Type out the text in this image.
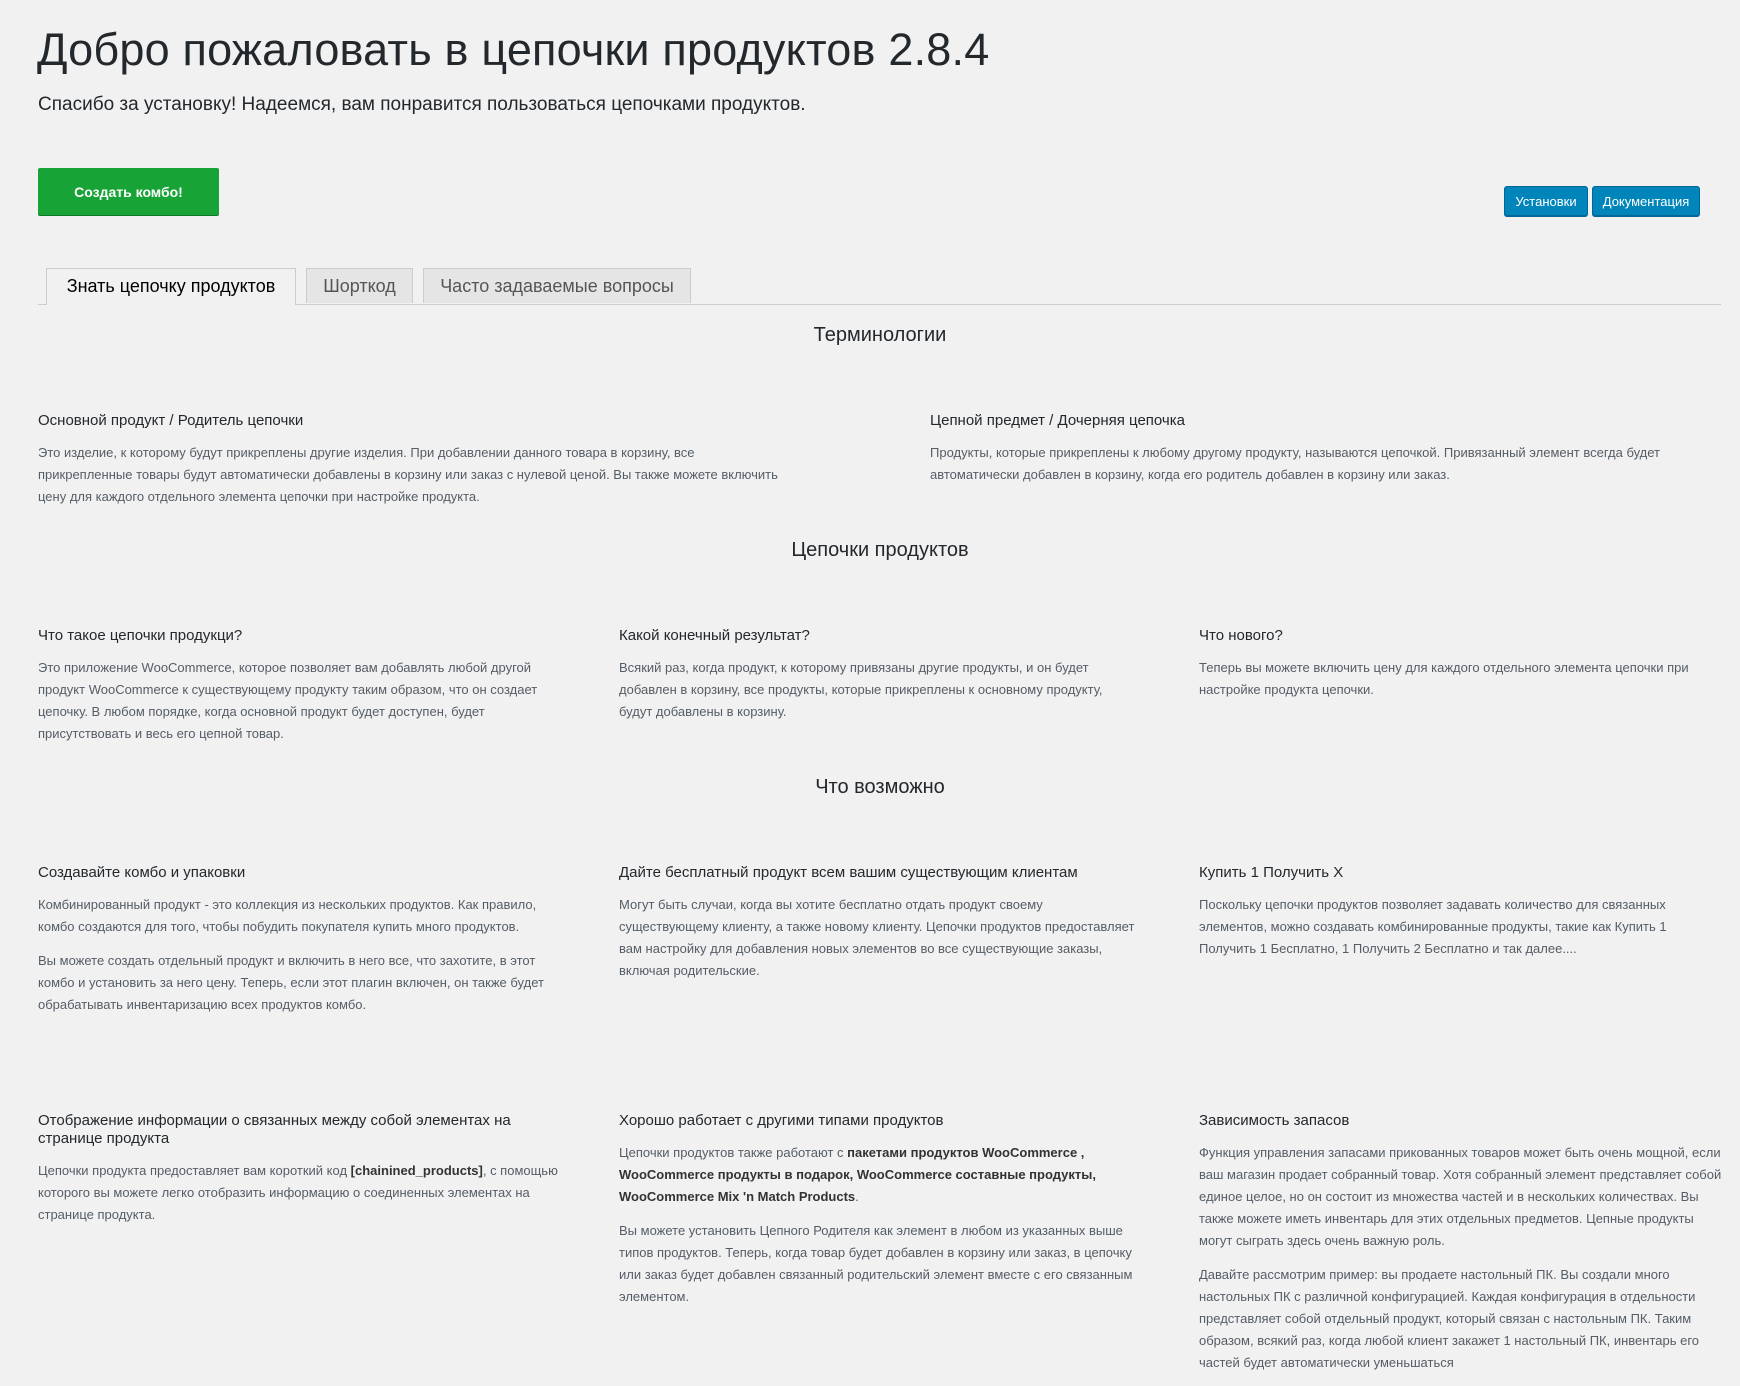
Добро пожаловать в цепочки продуктов 2.8.4

Спасибо за установку! Надеемся, вам понравится пользоваться цепочками продуктов.

Создать комбо!
Установки	Документация
Знать цепочку продуктов	Шорткод	Часто задаваемые вопросы
Терминологии
Основной продукт / Родитель цепочки

Это изделие, к которому будут прикреплены другие изделия. При добавлении данного товара в корзину, все прикрепленные товары будут автоматически добавлены в корзину или заказ с нулевой ценой. Вы также можете включить цену для каждого отдельного элемента цепочки при настройке продукта.

Цепной предмет / Дочерняя цепочка

Продукты, которые прикреплены к любому другому продукту, называются цепочкой. Привязанный элемент всегда будет автоматически добавлен в корзину, когда его родитель добавлен в корзину или заказ.

Цепочки продуктов
Что такое цепочки продукци?

Это приложение WooCommerce, которое позволяет вам добавлять любой другой продукт WooCommerce к существующему продукту таким образом, что он создает цепочку. В любом порядке, когда основной продукт будет доступен, будет присутствовать и весь его цепной товар.

Какой конечный результат?

Всякий раз, когда продукт, к которому привязаны другие продукты, и он будет добавлен в корзину, все продукты, которые прикреплены к основному продукту, будут добавлены в корзину.

Что нового?

Теперь вы можете включить цену для каждого отдельного элемента цепочки при настройке продукта цепочки.

Что возможно
Создавайте комбо и упаковки

Комбинированный продукт - это коллекция из нескольких продуктов. Как правило, комбо создаются для того, чтобы побудить покупателя купить много продуктов.

Вы можете создать отдельный продукт и включить в него все, что захотите, в этот комбо и установить за него цену. Теперь, если этот плагин включен, он также будет обрабатывать инвентаризацию всех продуктов комбо.

Дайте бесплатный продукт всем вашим существующим клиентам

Могут быть случаи, когда вы хотите бесплатно отдать продукт своему существующему клиенту, а также новому клиенту. Цепочки продуктов предоставляет вам настройку для добавления новых элементов во все существующие заказы, включая родительские.

Купить 1 Получить X

Поскольку цепочки продуктов позволяет задавать количество для связанных элементов, можно создавать комбинированные продукты, такие как Купить 1 Получить 1 Бесплатно, 1 Получить 2 Бесплатно и так далее....

Отображение информации о связанных между собой элементах на странице продукта

Цепочки продукта предоставляет вам короткий код [chainined_products], с помощью которого вы можете легко отобразить информацию о соединенных элементах на странице продукта.

Хорошо работает с другими типами продуктов

Цепочки продуктов также работают с пакетами продуктов WooCommerce , WooCommerce продукты в подарок, WooCommerce составные продукты, WooCommerce Mix 'n Match Products.

Вы можете установить Цепного Родителя как элемент в любом из указанных выше типов продуктов. Теперь, когда товар будет добавлен в корзину или заказ, в цепочку или заказ будет добавлен связанный родительский элемент вместе с его связанным элементом.

Зависимость запасов

Функция управления запасами прикованных товаров может быть очень мощной, если ваш магазин продает собранный товар. Хотя собранный элемент представляет собой единое целое, но он состоит из множества частей и в нескольких количествах. Вы также можете иметь инвентарь для этих отдельных предметов. Цепные продукты могут сыграть здесь очень важную роль.

Давайте рассмотрим пример: вы продаете настольный ПК. Вы создали много настольных ПК с различной конфигурацией. Каждая конфигурация в отдельности представляет собой отдельный продукт, который связан с настольным ПК. Таким образом, всякий раз, когда любой клиент закажет 1 настольный ПК, инвентарь его частей будет автоматически уменьшаться
